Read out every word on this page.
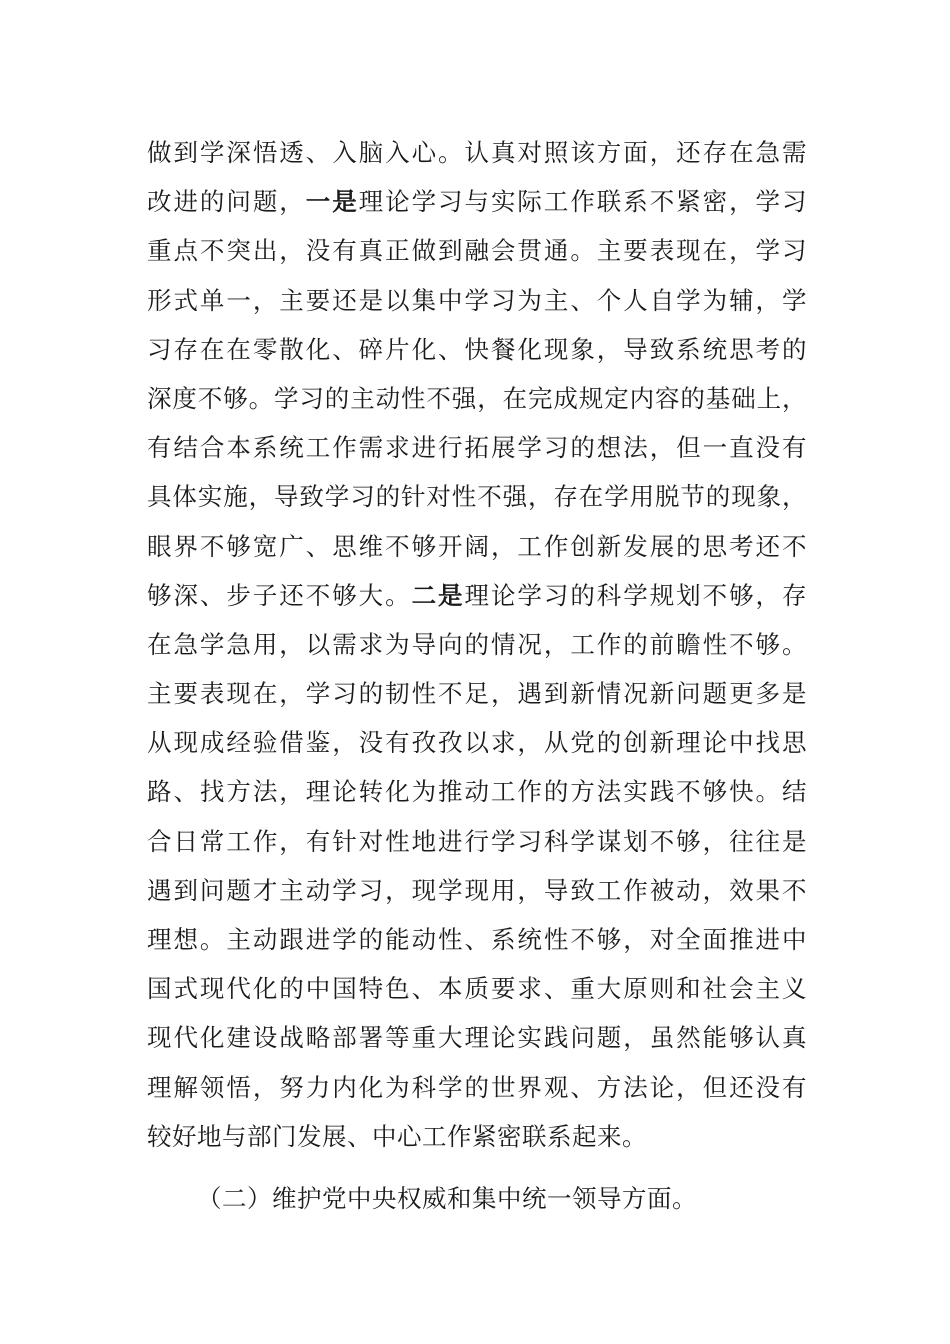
做到学深悟透、入脑入心。认真对照该方面，还存在急需
改进的问题，一是理论学习与实际工作联系不紧密，学习
重点不突出，没有真正做到融会贯通。主要表现在，学习
形式单一，主要还是以集中学习为主、个人自学为辅，学
习存在在零散化、碎片化、快餐化现象，导致系统思考的
深度不够。学习的主动性不强，在完成规定内容的基础上，
有结合本系统工作需求进行拓展学习的想法，但一直没有
具体实施，导致学习的针对性不强，存在学用脱节的现象，
眼界不够宽广、思维不够开阔，工作创新发展的思考还不
够深、步子还不够大。二是理论学习的科学规划不够，存
在急学急用，以需求为导向的情况，工作的前瞻性不够。
主要表现在，学习的韧性不足，遇到新情况新问题更多是
从现成经验借鉴，没有孜孜以求，从党的创新理论中找思
路、找方法，理论转化为推动工作的方法实践不够快。结
合日常工作，有针对性地进行学习科学谋划不够，往往是
遇到问题才主动学习，现学现用，导致工作被动，效果不
理想。主动跟进学的能动性、系统性不够，对全面推进中
国式现代化的中国特色、本质要求、重大原则和社会主义
现代化建设战略部署等重大理论实践问题，虽然能够认真
理解领悟，努力内化为科学的世界观、方法论，但还没有
较好地与部门发展、中心工作紧密联系起来。
（二）维护党中央权威和集中统一领导方面。
